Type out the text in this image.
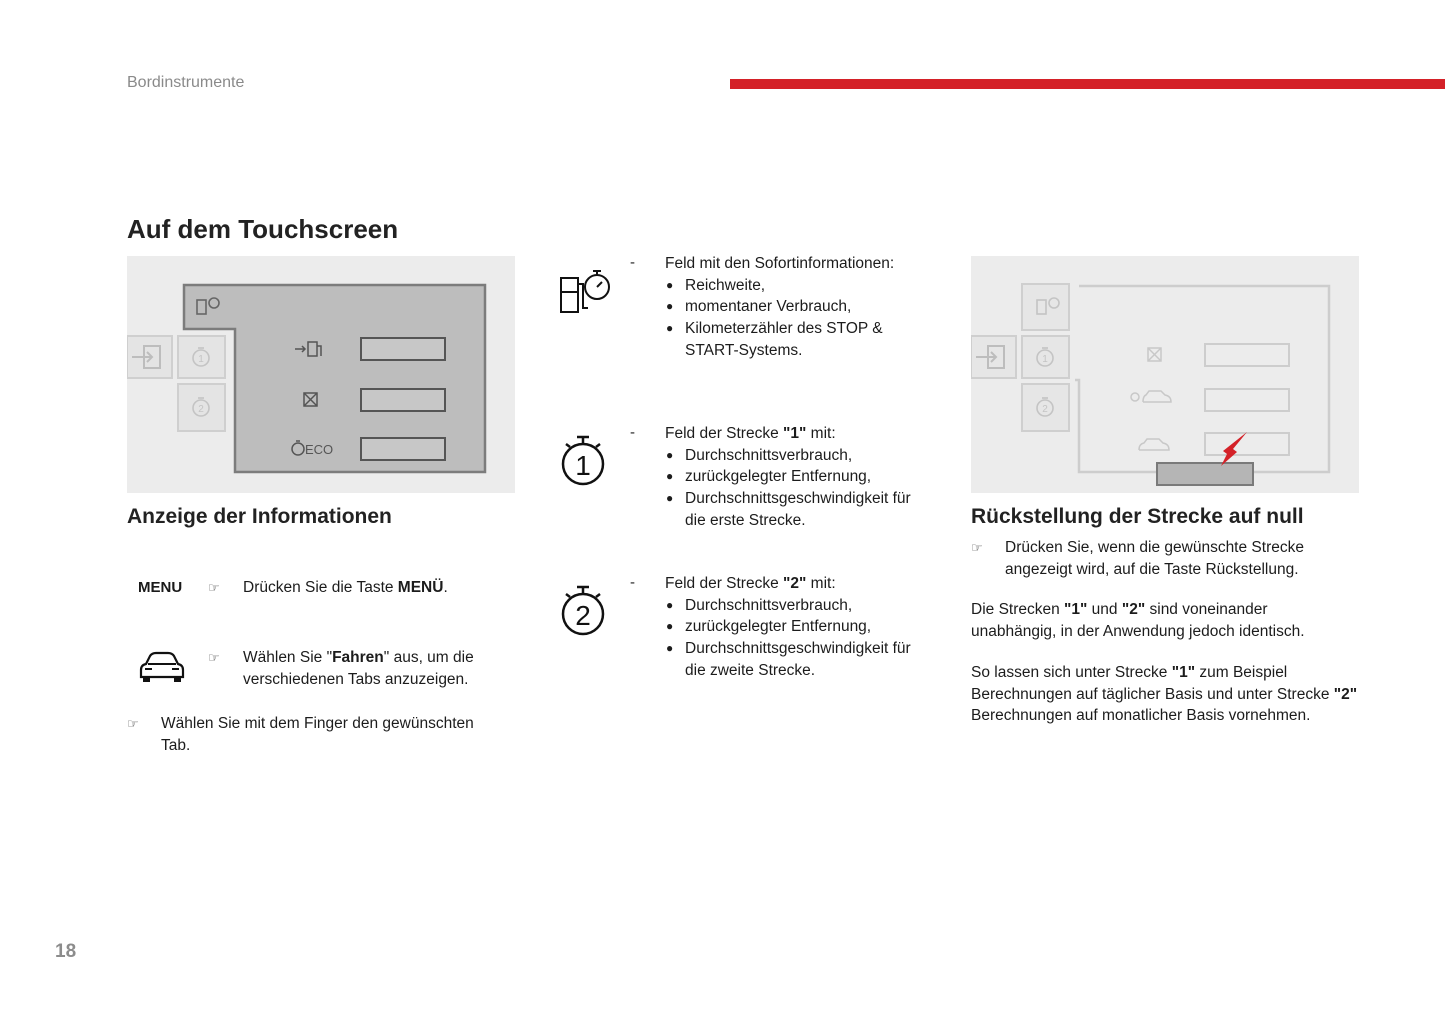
Bordinstrumente
Auf dem Touchscreen
1
2
ECO
Anzeige der Informationen
MENU ☞ Drücken Sie die Taste MENÜ.
☞ Wählen Sie "Fahren" aus, um die verschiedenen Tabs anzuzeigen.
☞ Wählen Sie mit dem Finger den gewünschten Tab.
- Feld mit den Sofortinformationen:
● Reichweite,
● momentaner Verbrauch,
● Kilometerzähler des STOP & START-Systems.
1
- Feld der Strecke "1" mit:
● Durchschnittsverbrauch,
● zurückgelegter Entfernung,
● Durchschnittsgeschwindigkeit für die erste Strecke.
2
- Feld der Strecke "2" mit:
● Durchschnittsverbrauch,
● zurückgelegter Entfernung,
● Durchschnittsgeschwindigkeit für die zweite Strecke.
1
2
Rückstellung der Strecke auf null
☞ Drücken Sie, wenn die gewünschte Strecke angezeigt wird, auf die Taste Rückstellung.
Die Strecken "1" und "2" sind voneinander unabhängig, in der Anwendung jedoch identisch.
So lassen sich unter Strecke "1" zum Beispiel Berechnungen auf täglicher Basis und unter Strecke "2" Berechnungen auf monatlicher Basis vornehmen.
18
